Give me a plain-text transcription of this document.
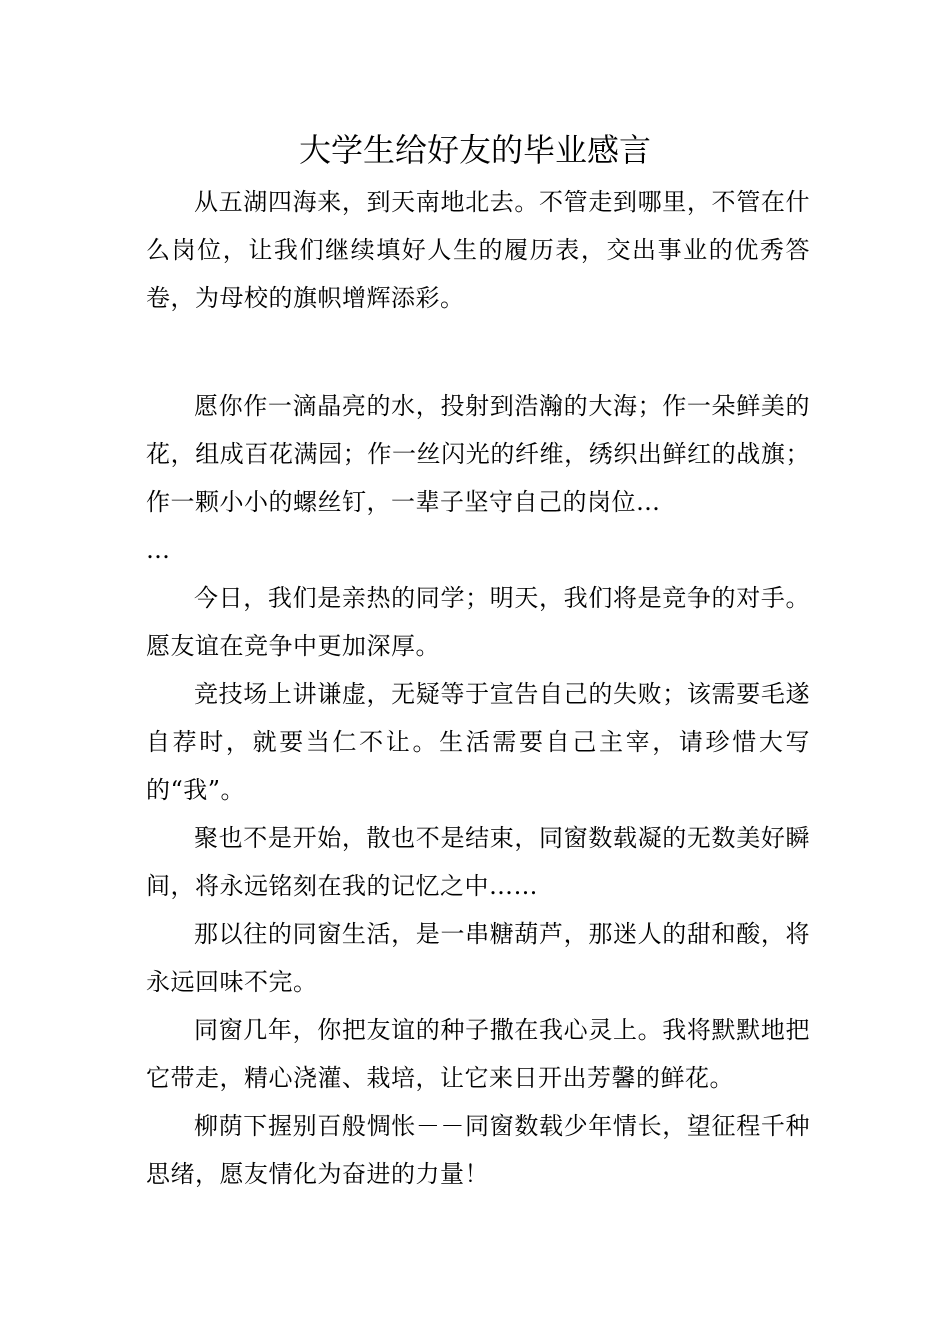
大学生给好友的毕业感言

从五湖四海来，到天南地北去。不管走到哪里，不管在什么岗位，让我们继续填好人生的履历表，交出事业的优秀答卷，为母校的旗帜增辉添彩。

愿你作一滴晶亮的水，投射到浩瀚的大海；作一朵鲜美的花，组成百花满园；作一丝闪光的纤维，绣织出鲜红的战旗；作一颗小小的螺丝钉，一辈子坚守自己的岗位…

…

今日，我们是亲热的同学；明天，我们将是竞争的对手。愿友谊在竞争中更加深厚。

竞技场上讲谦虚，无疑等于宣告自己的失败；该需要毛遂自荐时，就要当仁不让。生活需要自己主宰，请珍惜大写的“我”。

聚也不是开始，散也不是结束，同窗数载凝的无数美好瞬间，将永远铭刻在我的记忆之中……

那以往的同窗生活，是一串糖葫芦，那迷人的甜和酸，将永远回味不完。

同窗几年，你把友谊的种子撒在我心灵上。我将默默地把它带走，精心浇灌、栽培，让它来日开出芳馨的鲜花。

柳荫下握别百般惆怅－－同窗数载少年情长，望征程千种思绪，愿友情化为奋进的力量！
